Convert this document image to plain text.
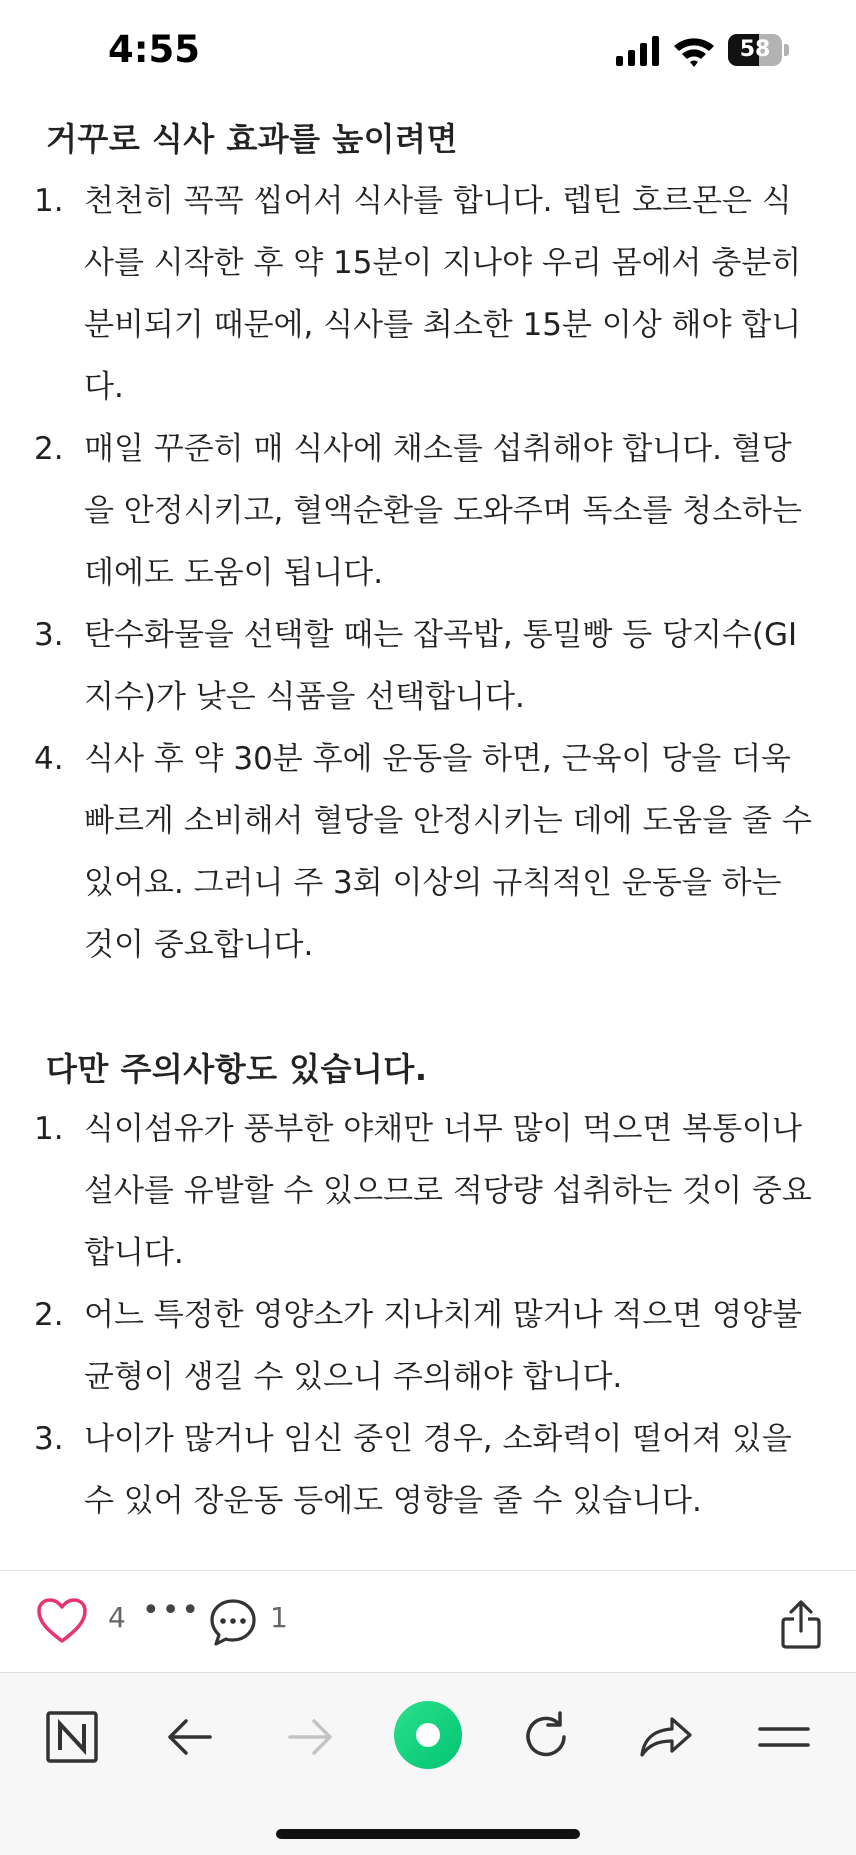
4:55	58
거꾸로 식사 효과를 높이려면
1. 천천히 꼭꼭 씹어서 식사를 합니다. 렙틴 호르몬은 식사를 시작한 후 약 15분이 지나야 우리 몸에서 충분히 분비되기 때문에, 식사를 최소한 15분 이상 해야 합니다.
2. 매일 꾸준히 매 식사에 채소를 섭취해야 합니다. 혈당을 안정시키고, 혈액순환을 도와주며 독소를 청소하는 데에도 도움이 됩니다.
3. 탄수화물을 선택할 때는 잡곡밥, 통밀빵 등 당지수(GI 지수)가 낮은 식품을 선택합니다.
4. 식사 후 약 30분 후에 운동을 하면, 근육이 당을 더욱 빠르게 소비해서 혈당을 안정시키는 데에 도움을 줄 수 있어요. 그러니 주 3회 이상의 규칙적인 운동을 하는 것이 중요합니다.
다만 주의사항도 있습니다.
1. 식이섬유가 풍부한 야채만 너무 많이 먹으면 복통이나 설사를 유발할 수 있으므로 적당량 섭취하는 것이 중요합니다.
2. 어느 특정한 영양소가 지나치게 많거나 적으면 영양불균형이 생길 수 있으니 주의해야 합니다.
3. 나이가 많거나 임신 중인 경우, 소화력이 떨어져 있을 수 있어 장운동 등에도 영향을 줄 수 있습니다.
4 ••• 1
